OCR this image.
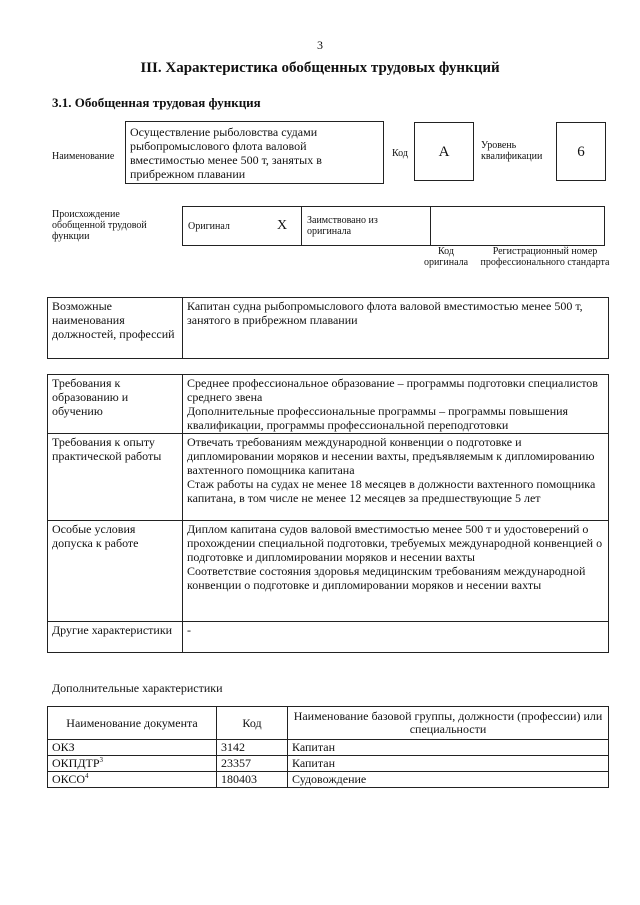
3
III. Характеристика обобщенных трудовых функций
3.1. Обобщенная трудовая функция
Наименование
Осуществление рыболовства судами рыбопромыслового флота валовой вместимостью менее 500 т, занятых в прибрежном плавании
Код	А	Уровень квалификации	6
Происхождение обобщенной трудовой функции
Оригинал	X Заимствовано из оригинала
Код оригинала
Регистрационный номер профессионального стандарта
Возможные наименования должностей, профессий	Капитан судна рыбопромыслового флота валовой вместимостью менее 500 т, занятого в прибрежном плавании
Требования к образованию и обучению	Среднее профессиональное образование – программы подготовки специалистов среднего звена

Дополнительные профессиональные программы – программы повышения квалификации, программы профессиональной переподготовки

Требования к опыту практической работы	Отвечать требованиям международной конвенции о подготовке и дипломировании моряков и несении вахты, предъявляемым к дипломированию вахтенного помощника капитана

Стаж работы на судах не менее 18 месяцев в должности вахтенного помощника капитана, в том числе не менее 12 месяцев за предшествующие 5 лет

Особые условия допуска к работе	Диплом капитана судов валовой вместимостью менее 500 т и удостоверений о прохождении специальной подготовки, требуемых международной конвенцией о подготовке и дипломировании моряков и несении вахты

Соответствие состояния здоровья медицинским требованиям международной конвенции о подготовке и дипломировании моряков и несении вахты

Другие характеристики	-

Дополнительные характеристики
Наименование документа	Код	Наименование базовой группы, должности (профессии) или специальности
ОКЗ	3142	Капитан
ОКПДТР$^3$	23357	Капитан
ОКСО$^4$	180403	Судовождение
